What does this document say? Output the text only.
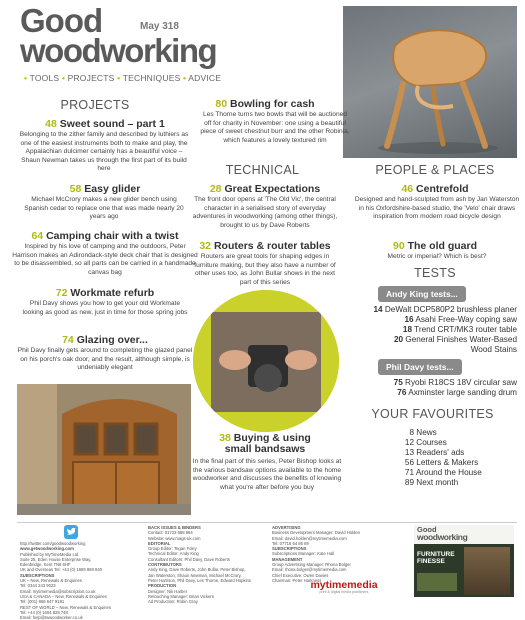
Good
woodworking
May 318
• TOOLS • PROJECTS • TECHNIQUES • ADVICE
PROJECTS
48 Sweet sound – part 1
Belonging to the zither family and described by luthiers as one of the easiest instruments both to make and play, the Appalachian dulcimer certainly has a beautiful voice – Shaun Newman takes us through the first part of its build here
58 Easy glider
Michael McCrory makes a new glider bench using Spanish cedar to replace one that was made nearly 20 years ago
64 Camping chair with a twist
Inspired by his love of camping and the outdoors, Peter Harrison makes an Adirondack-style deck chair that is designed to be disassembled, so all parts can be carried in a handmade canvas bag
72 Workmate refurb
Phil Davy shows you how to get your old Workmate looking as good as new, just in time for those spring jobs
74 Glazing over...
Phil Davy finally gets around to completing the glazed panel on his porch's oak door, and the result, although simple, is undeniably elegant
80 Bowling for cash
Les Thorne turns two bowls that will be auctioned off for charity in November: one using a beautiful piece of sweet chestnut burr and the other Robinia, which features a lovely textured rim
TECHNICAL
28 Great Expectations
The front door opens at 'The Old Vic', the central character in a serialised story of everyday adventures in woodworking (among other things), brought to us by Dave Roberts
32 Routers & router tables
Routers are great tools for shaping edges in furniture making, but they also have a number of other uses too, as John Bullar shows in the next part of this series
38 Buying & using
small bandsaws
In the final part of this series, Peter Bishop looks at the various bandsaw options available to the home woodworker and discusses the benefits of knowing what you're after before you buy
PEOPLE & PLACES
46 Centrefold
Designed and hand-sculpted from ash by Jan Waterston in his Oxfordshire-based studio, the 'Velo' chair draws inspiration from modern road bicycle design
90 The old guard
Metric or imperial? Which is best?
TESTS
Andy King tests...
14 DeWalt DCP580P2 brushless planer
16 Asahi Free-Way coping saw
18 Trend CRT/MK3 router table
20 General Finishes Water-Based
Wood Stains
Phil Davy tests...
75 Ryobi R18CS 18V circular saw
76 Axminster large sanding drum
YOUR FAVOURITES
8 News
12 Courses
13 Readers' ads
56 Letters & Makers
71 Around the House
89 Next month
http://twitter.com/goodwoodworking
www.getwoodworking.com
Published by MyTimeMedia Ltd.
Suite 25, Eden House Enterprise Way,
Edenbridge, Kent TN8 6HF
UK and Overseas Tel: +44 (0) 1689 869 840
SUBSCRIPTIONS
UK – New, Renewals & Enquiries
Tel: 0344 243 9023
Email: mytimemedia@subscription.co.uk
USA & CANADA – New, Renewals & Enquiries
Tel: (001) 866 647 9191
REST OF WORLD – New, Renewals & Enquiries
Tel: +44 (0) 1604 828 748
Email: help@twwoodworker.co.uk
BACK ISSUES & BINDERS
Contact: 01733 688 964
Website: www.mags-uk.com
EDITORIAL
Group Editor: Tegan Foley
Technical Editor: Andy King
Consultant Editors: Phil Davy, Dave Roberts
CONTRIBUTORS
Andy King, Dave Roberts, John Bullar, Peter Bishop,
Jan Waterston, Shaun Newman, Michael McCrory,
Peter Harrison, Phil Davy, Les Thorne, Edward Hopkins
PRODUCTION
Designer: Nik Harber
Retouching Manager: Brian Vickers
Ad Production: Robin Gray
ADVERTISING
Business Development Manager: David Holden
Email: david.holden@mytimemedia.com
Tel: 07718 64 86 89
SUBSCRIPTIONS
Subscriptions Manager: Kate Hall
MANAGEMENT
Group Advertising Manager: Rhona Bolger
Email: rhona.bolger@mytimemedia.com
Chief Executive: Owen Davies
Chairman: Peter Harkness
mytimemedia
print & digital media publishers
Good
woodworking
FURNITURE FINESSE
